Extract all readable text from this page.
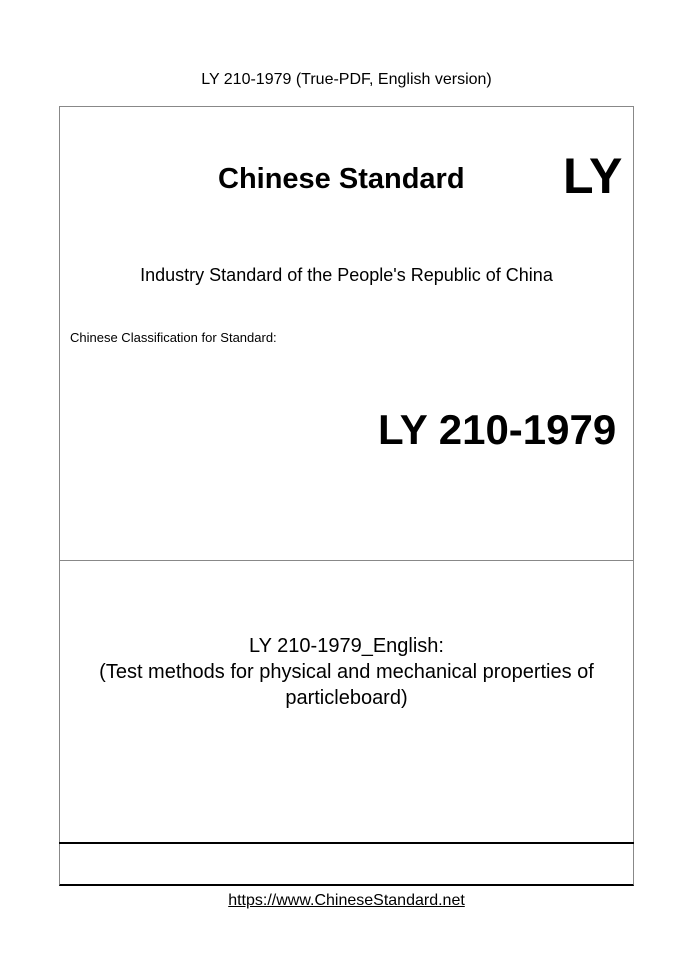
LY 210-1979 (True-PDF, English version)
Chinese Standard LY
Industry Standard of the People's Republic of China
Chinese Classification for Standard:
LY 210-1979
LY 210-1979_English:
(Test methods for physical and mechanical properties of
particleboard)
https://www.ChineseStandard.net
